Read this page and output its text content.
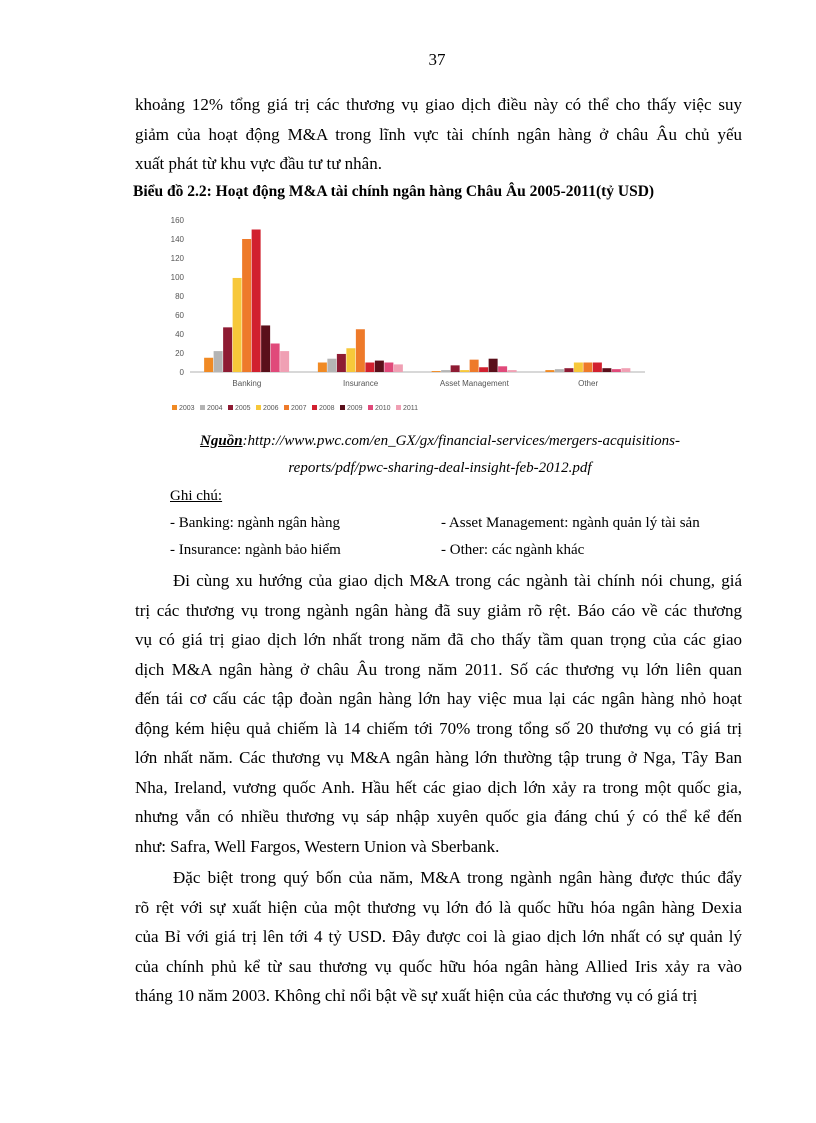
37
khoảng 12% tổng giá trị các thương vụ giao dịch điều này có thể cho thấy việc suy
giảm của hoạt động M&A trong lĩnh vực tài chính ngân hàng ở châu Âu chủ yếu
xuất phát từ khu vực đầu tư tư nhân.
Biểu đồ 2.2: Hoạt động M&A tài chính ngân hàng Châu Âu 2005-2011(tỷ USD)
0
20
40
60
80
100
120
140
160
Banking	Insurance	Asset Management	Other
2003 2004 2005 2006 2007 2008 2009 2010 2011
Nguồn:http://www.pwc.com/en_GX/gx/financial-services/mergers-acquisitions-
reports/pdf/pwc-sharing-deal-insight-feb-2012.pdf
Ghi chú:
- Banking: ngành ngân hàng	- Asset Management: ngành quản lý tài sản
- Insurance: ngành bảo hiểm	- Other: các ngành khác
Đi cùng xu hướng của giao dịch M&A trong các ngành tài chính nói chung, giá
trị các thương vụ trong ngành ngân hàng đã suy giảm rõ rệt. Báo cáo về các thương
vụ có giá trị giao dịch lớn nhất trong năm đã cho thấy tầm quan trọng của các giao
dịch M&A ngân hàng ở châu Âu trong năm 2011. Số các thương vụ lớn liên quan
đến tái cơ cấu các tập đoàn ngân hàng lớn hay việc mua lại các ngân hàng nhỏ hoạt
động kém hiệu quả chiếm là 14 chiếm tới 70% trong tổng số 20 thương vụ có giá trị
lớn nhất năm. Các thương vụ M&A ngân hàng lớn thường tập trung ở Nga, Tây Ban
Nha, Ireland, vương quốc Anh. Hầu hết các giao dịch lớn xảy ra trong một quốc gia,
nhưng vẫn có nhiều thương vụ sáp nhập xuyên quốc gia đáng chú ý có thể kể đến
như: Safra, Well Fargos, Western Union và Sberbank.
Đặc biệt trong quý bốn của năm, M&A trong ngành ngân hàng được thúc đẩy
rõ rệt với sự xuất hiện của một thương vụ lớn đó là quốc hữu hóa ngân hàng Dexia
của Bỉ với giá trị lên tới 4 tỷ USD. Đây được coi là giao dịch lớn nhất có sự quản lý
của chính phủ kể từ sau thương vụ quốc hữu hóa ngân hàng Allied Iris xảy ra vào
tháng 10 năm 2003. Không chỉ nổi bật về sự xuất hiện của các thương vụ có giá trị
